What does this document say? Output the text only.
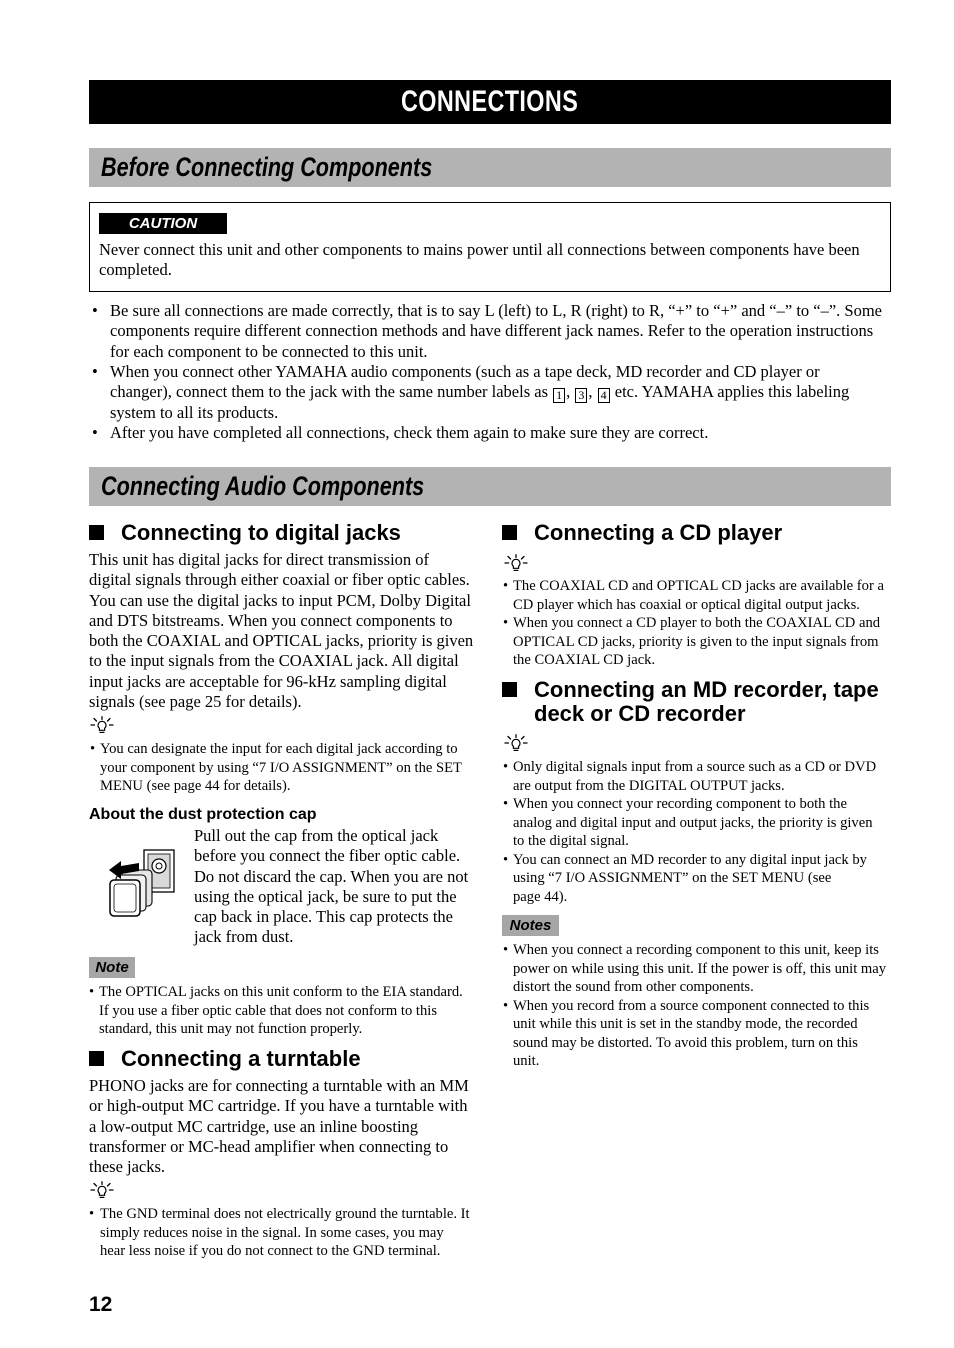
CONNECTIONS
Before Connecting Components
CAUTION
Never connect this unit and other components to mains power until all connections between components have been
completed.
• Be sure all connections are made correctly, that is to say L (left) to L, R (right) to R, “+” to “+” and “–” to “–”. Some
components require different connection methods and have different jack names. Refer to the operation instructions
for each component to be connected to this unit.
• When you connect other YAMAHA audio components (such as a tape deck, MD recorder and CD player or
changer), connect them to the jack with the same number labels as 1 , 3 , 4 etc. YAMAHA applies this labeling
system to all its products.
• After you have completed all connections, check them again to make sure they are correct.
Connecting Audio Components
Connecting to digital jacks
This unit has digital jacks for direct transmission of
digital signals through either coaxial or fiber optic cables.
You can use the digital jacks to input PCM, Dolby Digital
and DTS bitstreams. When you connect components to
both the COAXIAL and OPTICAL jacks, priority is given
to the input signals from the COAXIAL jack. All digital
input jacks are acceptable for 96-kHz sampling digital
signals (see page 25 for details).
• You can designate the input for each digital jack according to
your component by using “7 I/O ASSIGNMENT” on the SET
MENU (see page 44 for details).
About the dust protection cap
Pull out the cap from the optical jack
before you connect the fiber optic cable.
Do not discard the cap. When you are not
using the optical jack, be sure to put the
cap back in place. This cap protects the
jack from dust.
Note
• The OPTICAL jacks on this unit conform to the EIA standard.
If you use a fiber optic cable that does not conform to this
standard, this unit may not function properly.
Connecting a turntable
PHONO jacks are for connecting a turntable with an MM
or high-output MC cartridge. If you have a turntable with
a low-output MC cartridge, use an inline boosting
transformer or MC-head amplifier when connecting to
these jacks.
• The GND terminal does not electrically ground the turntable. It
simply reduces noise in the signal. In some cases, you may
hear less noise if you do not connect to the GND terminal.
Connecting a CD player
• The COAXIAL CD and OPTICAL CD jacks are available for a
CD player which has coaxial or optical digital output jacks.
• When you connect a CD player to both the COAXIAL CD and
OPTICAL CD jacks, priority is given to the input signals from
the COAXIAL CD jack.
Connecting an MD recorder, tape
deck or CD recorder
• Only digital signals input from a source such as a CD or DVD
are output from the DIGITAL OUTPUT jacks.
• When you connect your recording component to both the
analog and digital input and output jacks, the priority is given
to the digital signal.
• You can connect an MD recorder to any digital input jack by
using “7 I/O ASSIGNMENT” on the SET MENU (see
page 44).
Notes
• When you connect a recording component to this unit, keep its
power on while using this unit. If the power is off, this unit may
distort the sound from other components.
• When you record from a source component connected to this
unit while this unit is set in the standby mode, the recorded
sound may be distorted. To avoid this problem, turn on this
unit.
12
